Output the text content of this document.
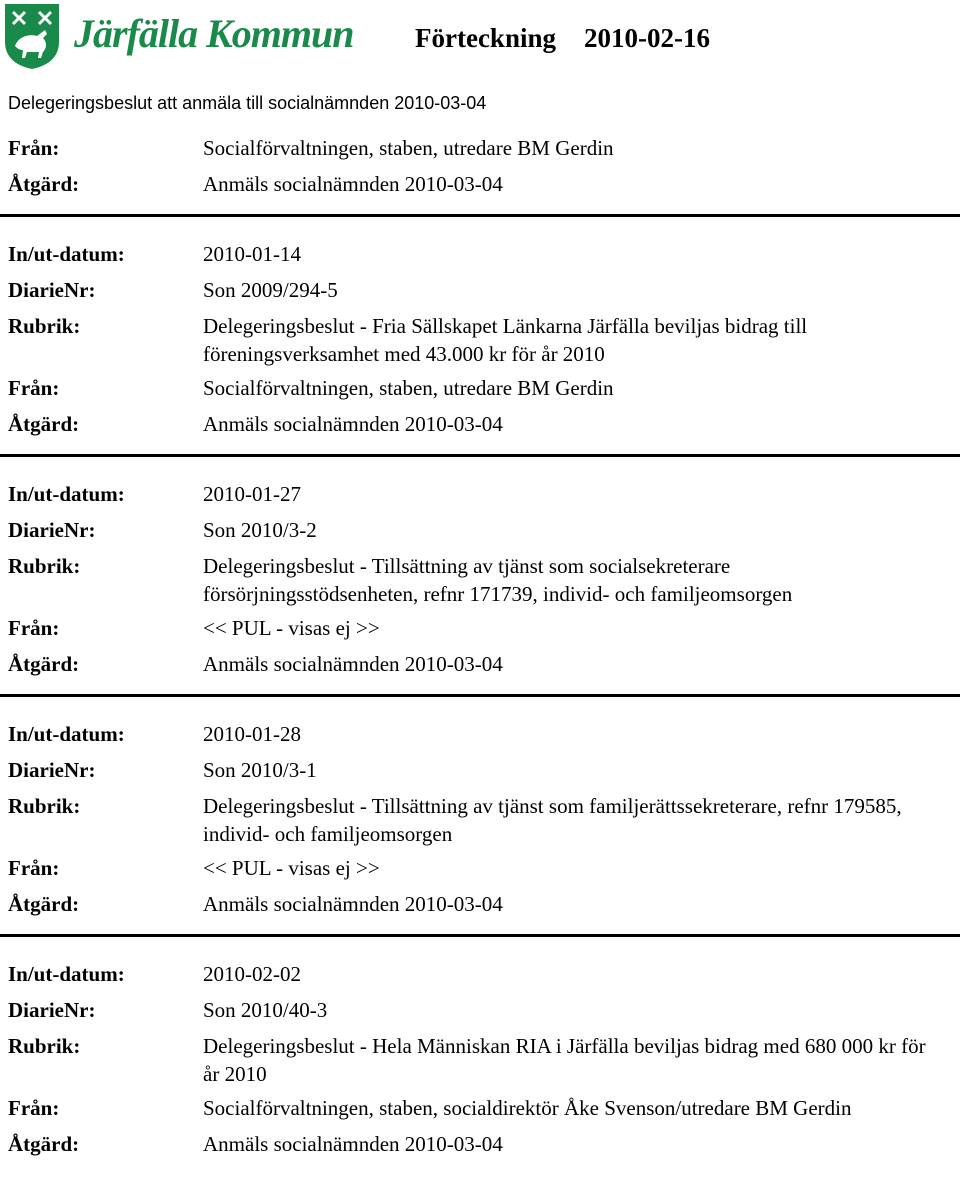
Järfälla Kommun Förteckning 2010-02-16
Delegeringsbeslut att anmäla till socialnämnden 2010-03-04
Från:	Socialförvaltningen, staben, utredare BM Gerdin
Åtgärd:	Anmäls socialnämnden 2010-03-04
In/ut-datum:	2010-01-14
DiarieNr:	Son 2009/294-5
Rubrik:	Delegeringsbeslut - Fria Sällskapet Länkarna Järfälla beviljas bidrag till föreningsverksamhet med 43.000 kr för år 2010
Från:	Socialförvaltningen, staben, utredare BM Gerdin
Åtgärd:	Anmäls socialnämnden 2010-03-04
In/ut-datum:	2010-01-27
DiarieNr:	Son 2010/3-2
Rubrik:	Delegeringsbeslut - Tillsättning av tjänst som socialsekreterare försörjningsstödsenheten, refnr 171739, individ- och familjeomsorgen
Från:	<< PUL - visas ej >>
Åtgärd:	Anmäls socialnämnden 2010-03-04
In/ut-datum:	2010-01-28
DiarieNr:	Son 2010/3-1
Rubrik:	Delegeringsbeslut - Tillsättning av tjänst som familjerättssekreterare, refnr 179585, individ- och familjeomsorgen
Från:	<< PUL - visas ej >>
Åtgärd:	Anmäls socialnämnden 2010-03-04
In/ut-datum:	2010-02-02
DiarieNr:	Son 2010/40-3
Rubrik:	Delegeringsbeslut - Hela Människan RIA i Järfälla beviljas bidrag med 680 000 kr för år 2010
Från:	Socialförvaltningen, staben, socialdirektör Åke Svenson/utredare BM Gerdin
Åtgärd:	Anmäls socialnämnden 2010-03-04
